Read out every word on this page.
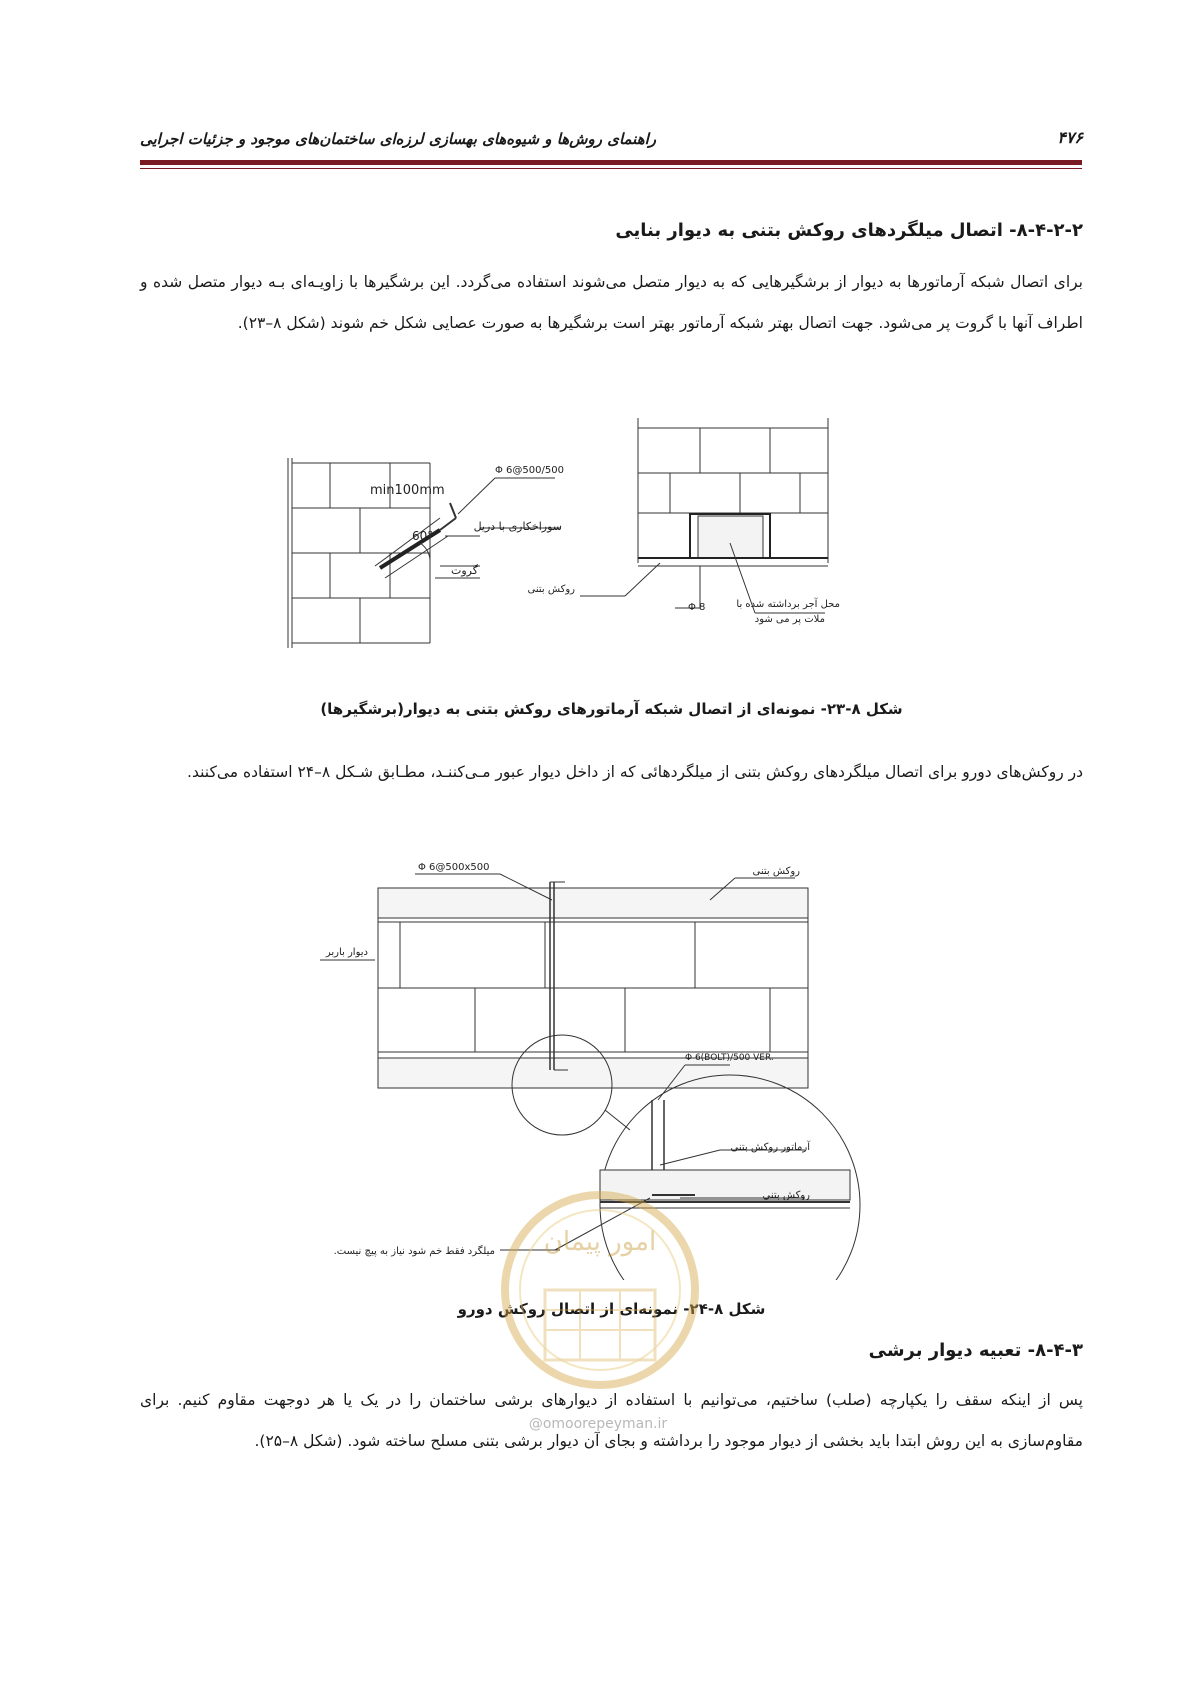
۴۷۶
راهنمای روش‌ها و شیوه‌های بهسازی لرزه‌ای ساختمان‌های موجود و جزئیات اجرایی
۸-۴-۲-۲- اتصال میلگردهای روکش بتنی به دیوار بنایی
برای اتصال شبکه آرماتورها به دیوار از برشگیرهایی که به دیوار متصل می‌شوند استفاده می‌گردد. این برشگیرها با زاویـه‌ای بـه دیوار متصل شده و اطراف آنها با گروت پر می‌شود. جهت اتصال بهتر شبکه آرماتور بهتر است برشگیرها به صورت عصایی شکل خم شوند (شکل ۸–۲۳).
Φ 6@500/500
min100mm
60°
سوراخکاری با دریل
گروت
روکش بتنی
Φ 8	محل آجر برداشته شده با
ملات پر می شود
شکل ۸-۲۳- نمونه‌ای از اتصال شبکه آرماتورهای روکش بتنی به دیوار(برشگیرها)
در روکش‌های دورو برای اتصال میلگردهای روکش بتنی از میلگردهائی که از داخل دیوار عبور مـی‌کننـد، مطـابق شـکل ۸–۲۴ استفاده می‌کنند.
Φ 6@500x500	روکش بتنی
دیوار باربر
Φ 6(BOLT)/500 VER.
آرماتور روکش بتنی
روکش بتنی
میلگرد فقط خم شود نیاز به پیچ نیست.
شکل ۸-۲۴- نمونه‌ای از اتصال روکش دورو
امور پیمان
@omoorepeyman.ir
۸-۴-۳- تعبیه دیوار برشی
پس از اینکه سقف را یکپارچه (صلب) ساختیم، می‌توانیم با استفاده از دیوارهای برشی ساختمان را در یک یا هر دوجهت مقاوم کنیم. برای مقاوم‌سازی به این روش ابتدا باید بخشی از دیوار موجود را برداشته و بجای آن دیوار برشی بتنی مسلح ساخته شود. (شکل ۸–۲۵).
